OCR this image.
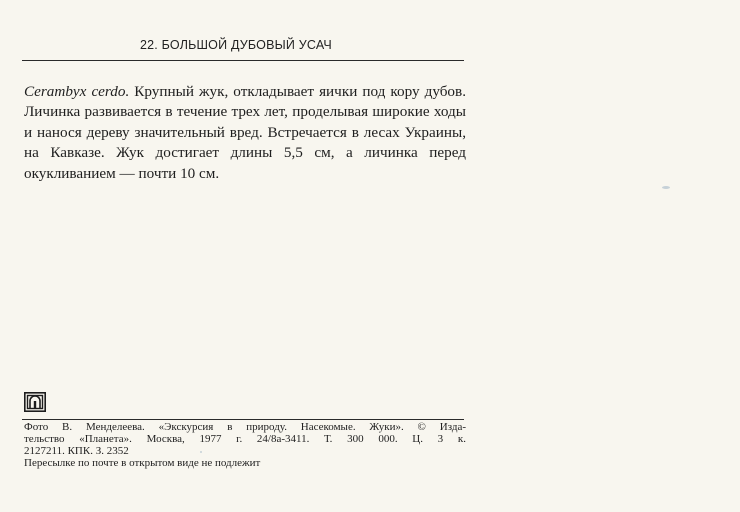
22. БОЛЬШОЙ ДУБОВЫЙ УСАЧ

Cerambyx cerdo. Крупный жук, откладывает яички под кору дубов. Личинка развивается в течение трех лет, проделывая широкие ходы и нанося дереву значительный вред. Встречается в лесах Украины, на Кавказе. Жук достигает длины 5,5 см, а личинка перед окукливанием — почти 10 см.

Фото В. Менделеева. «Экскурсия в природу. Насекомые. Жуки». © Изда-
тельство «Планета». Москва, 1977 г. 24/8а-3411. Т. 300 000. Ц. 3 к.
2127211. КПК. З. 2352

Пересылке по почте в открытом виде не подлежит
